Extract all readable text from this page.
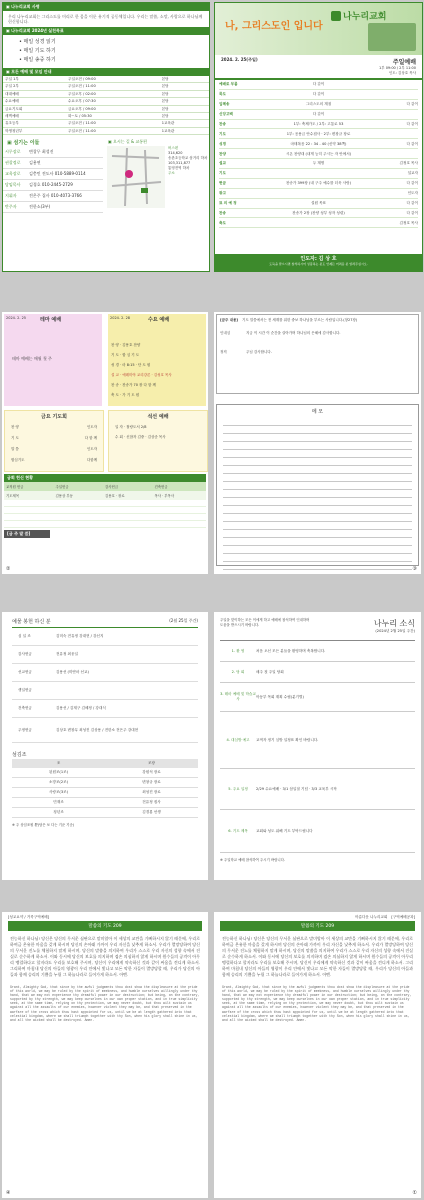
▣ 나누리교회 사명
우리 나누리교회는 그리스도를 머리로 한 몸을 이룬 유기적 공동체입니다. 우리는 말씀, 소망, 사랑으로 하나님께 헌신합니다.
▣ 나누리교회 2024년 실천목표
• 매일 성경 읽기
• 매일 기도 하기
• 매일 송중 하기
▣ 모든 예배 및 모임 안내
주일 1부	주일오전 / 09:00	본당
주일 2부	주일오전 / 11:00	본당
대대예배	주일오후 / 02:00	본당
수요예배	수요오후 / 07:30	본당
금요기도회	금요오후 / 09:00	본당
새벽예배	화~토 / 05:30	본당
유초등부	주일오전 / 11:00	1교육관
학생청년부	주일오전 / 11:00	1교육관
▣ 섬기는 이들
시무장로	변창무 최성진
권찰정로	김용연
교육장로	김충민 전도사 010-5889-0114
담임목사	김경호 010-2445-2729
지휘자	전은주 집사 010-4073-3766
반주자	전한소(3부)
▣ 오시는 길 & 교통편
버스편
314,620
송촌초등학교 삼거리 하차
103,311,877
통영전역 하차
주소
나누리교회
나, 그리스도인 입니다
2024. 2. 25(주일)	주일예배
1부 09:00 / 2부 11:00
인도: 김상호 목사
예배로 부름	다 같이
묵도	다 같이
입례송	그리스도의 계절	다 같이
신앙고백	다 같이
찬송	1부: 축제가도 / 2부: 고통로 53	다 같이
기도	1부: 응용금 안수집사 · 2부: 변창규 장로
성경	마태복음 22 : 34 - 40 (신약 38쪽)	다 같이
찬양	시온 찬양대 (내게 능히 주시는 자 안에서)
설교	두 계명	김정호 목사
기도	설교자
헌금	찬송가 399장 (내 구주 예수를 더욱 사랑)	다 같이
광고	인도자
묘 의 예 정	설원 목표	다 같이
찬송	찬송가 2장 (찬양 성부 성자 성령)	다 같이
축도	김정호 목사
인도자: 김 상 호
도둑을 맡으시면 참석하시어 성봉하는 분도 언제든 어려운 분 알려주십시오.
2024. 2. 25	테마 예배
테마 예배는 매월 첫 주
2024. 2. 28	수요 예배
찬 양 · 김용호 찬양
기 도 · 합 심 기 도
성 경 · 마 8:15 · 단 도 원
설 교 · 예레미야 교리강론 · 김성호 목사
찬 송 · 찬송가 70 장 다 함 께
축 도 · 가 기 도 원
금요 기도회
찬 양	인도자
기 도	다 함 께
말 씀	인도자
합심기도	다함께
석선 예배
일 자 · 찰랑도서 2/8
수 회 · 신참자 김중 · 김상준 목사
금회 헌신 현황
교직원 헌금	주일헌금	감사헌금	건축헌금
기도제목	김용상 부동	김용호 · 장로	목사 · 부목사
[금 주 말 씀]
②
[금주 내용] 기도 말씀에서는 전 세계를 위한 중보 하나님을 부르는 사람입니다.(창27장)
인내심	지금 이 시간 이 순간을 살아가며 하나님의 은혜에 감사합니다.
정직	주님 감사합니다.
메 모
③
예물 봉헌 하신 분	(2월 25일 주간)
십 일 조	김미숙 전유정 강대현 / 강신지
감사헌금	전유정 최웅일
선교헌금	김용선 (미얀마 선교)
생일헌금
건축헌금	김용선 / 김재구 김혜정 / 강대식
주정헌금	김상호 변창무 최성진 김상용 / 전한소 전은주 강대현
섬김조
조	조장
된원조(1조)	강원석 장로
소망조(2조)	변창규 장로
사랑조(3조)	최성진 장로
민재조	전유정 집사
청년조	김경룡 선생
※ 주 상임조원 뿐(담은 보 다는 기준 기준)
주일을 맞이하는 모든 이에게 하고 예배에 참석하여 인내하며 도움을 받으시기 바랍니다.	나누리 소식
(2024년 2월 25일 주간)
1. 환 영	처음 오신 모든 분들을 환영하며 축복합니다.
2. 당 회	매주 첫 주일 당회
3. 테마 예배 및 학습교사
아동부 목회 계획 수립(분기별)
4. 대심방 예고	교역자 정기 심방 일정표 확인 바랍니다.
5. 주요 일정	2/29 수요예배 · 3/1 삼일절 기념 · 3/3 교육부 시작
6. 기도 제목	교회와 성도 위해 기도 부탁드립니다
※ 주일학교 예배 참석하여 주시기 바랍니다.
[성교요약 / 거룩구역예배]
말씀의 기도 209
전능하신 하나님! 당신은 당신의 무서운 심판으로 말미암아 이 세상의 교만을 기뻐하시지 않기 때문에, 우리로 하여금 온유한 마음을 갖게 하시며 당신의 손아래 가까이 우리 자신을 낮추게 하소서. 우리가 멸망당하여 당신의 무서운 진노를 체험하지 말게 하시며, 당신의 말씀을 의지하여 우리가 스스로 우리 자신의 성향 속에서 진실로 순수하게 하소서. 이와 동시에 당신의 보호를 의지하며 겸손 의심하지 않게 하시며 원수들의 공격이 아무리 맹렬하다고 할지라도 우리를 보호해 주시며, 당신이 우리에게 약속하신 것과 같이 싸움을 견디게 하소서. 그리하여 마침내 당신의 아들의 영광이 우리 안에서 빛나고 모든 악한 자들이 멸망당할 때, 우리가 당신의 아들과 함께 승리의 기쁨을 누릴 그 하늘나라로 들어가게 하소서. 아멘.
Grant, Almighty God, that since by the awful judgments thou dost show the displeasure at the pride of this world, we may be ruled by the spirit of meekness, and humble ourselves willingly under thy hand, that we may not experience thy dreadful power in our destruction; but being, on the contrary, supported by thy strength, we may keep ourselves in our own proper station, and in true simplicity seek, at the same time, relying on thy protection, we may never doubt, but thou wilt sustain us against all the assaults of our enemies, however violent they may be, and that preserved in the warfare of the cross which thou hast appointed for us, until we be at length gathered into that celestial kingdom, where we shall triumph together with thy Son, when his glory shall shine in us, and all the wicked shall be destroyed. Amen.
④
아름다운 나누리교회 [구역예배공과]
말씀의 기도 209
전능하신 하나님! 당신은 당신의 무서운 심판으로 말미암아 이 세상의 교만을 기뻐하시지 않기 때문에, 우리로 하여금 온유한 마음을 갖게 하시며 당신의 손아래 가까이 우리 자신을 낮추게 하소서. 우리가 멸망당하여 당신의 무서운 진노를 체험하지 말게 하시며, 당신의 말씀을 의지하여 우리가 스스로 우리 자신의 성향 속에서 진실로 순수하게 하소서. 이와 동시에 당신의 보호를 의지하며 겸손 의심하지 않게 하시며 원수들의 공격이 아무리 맹렬하다고 할지라도 우리를 보호해 주시며, 당신이 우리에게 약속하신 것과 같이 싸움을 견디게 하소서. 그리하여 마침내 당신의 아들의 영광이 우리 안에서 빛나고 모든 악한 자들이 멸망당할 때, 우리가 당신의 아들과 함께 승리의 기쁨을 누릴 그 하늘나라로 들어가게 하소서. 아멘.
Grant, Almighty God, that since by the awful judgments thou dost show the displeasure at the pride of this world, we may be ruled by the spirit of meekness, and humble ourselves willingly under thy hand, that we may not experience thy dreadful power in our destruction; but being, on the contrary, supported by thy strength, we may keep ourselves in our own proper station, and in true simplicity seek, at the same time, relying on thy protection, we may never doubt, but thou wilt sustain us against all the assaults of our enemies, however violent they may be, and that preserved in the warfare of the cross which thou hast appointed for us, until we be at length gathered into that celestial kingdom, where we shall triumph together with thy Son, when his glory shall shine in us, and all the wicked shall be destroyed. Amen.
①
